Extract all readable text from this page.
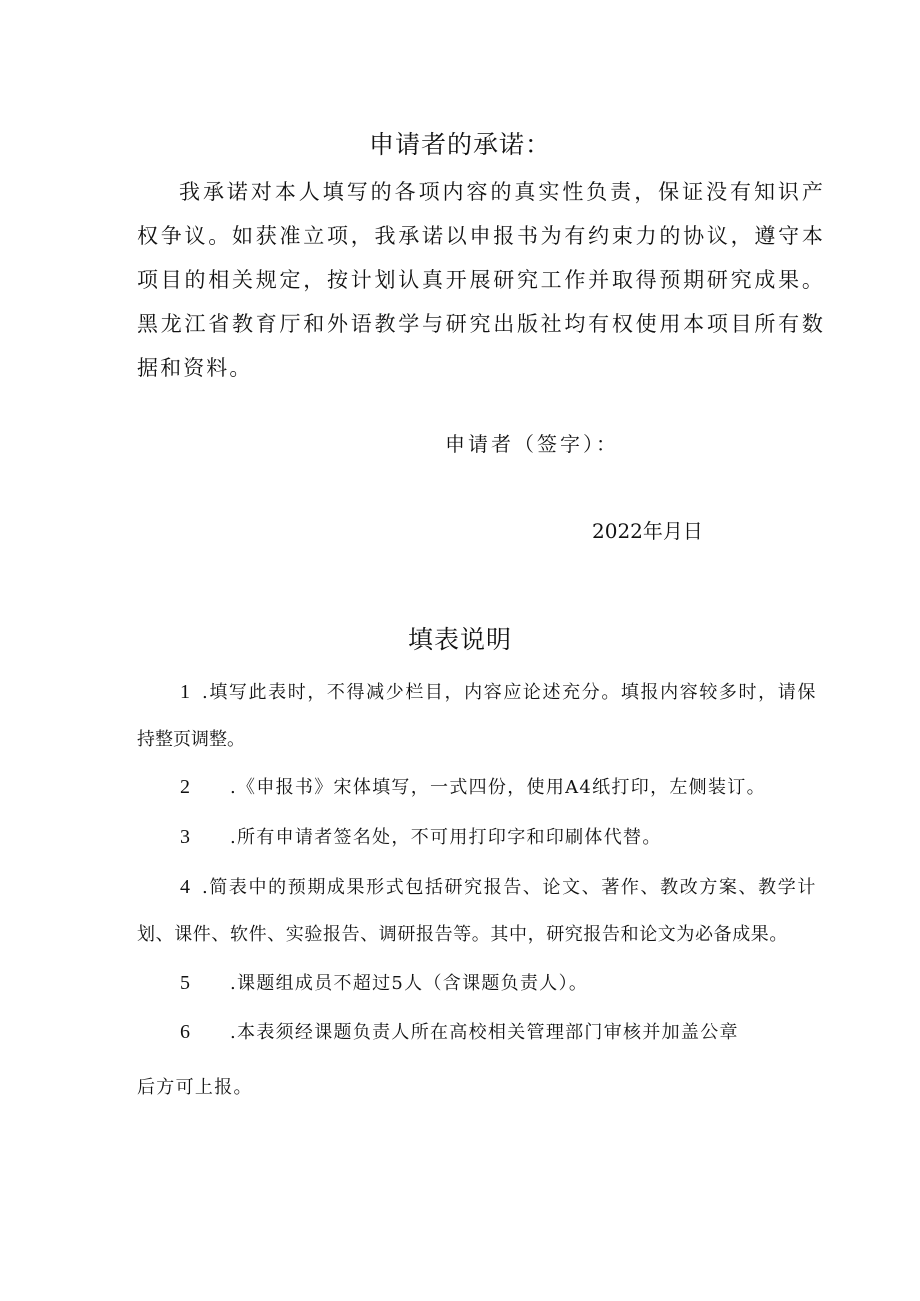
申请者的承诺：

我承诺对本人填写的各项内容的真实性负责，保证没有知识产权争议。如获准立项，我承诺以申报书为有约束力的协议，遵守本项目的相关规定，按计划认真开展研究工作并取得预期研究成果。黑龙江省教育厅和外语教学与研究出版社均有权使用本项目所有数据和资料。

申请者（签字）：
2022年月日
填表说明
1 .填写此表时，不得减少栏目，内容应论述充分。填报内容较多时，请保
持整页调整。
2 .《申报书》宋体填写，一式四份，使用A4纸打印，左侧装订。
3 .所有申请者签名处，不可用打印字和印刷体代替。
4 .简表中的预期成果形式包括研究报告、论文、著作、教改方案、教学计
划、课件、软件、实验报告、调研报告等。其中，研究报告和论文为必备成果。
5 .课题组成员不超过5人（含课题负责人）。
6 .本表须经课题负责人所在高校相关管理部门审核并加盖公章
后方可上报。
